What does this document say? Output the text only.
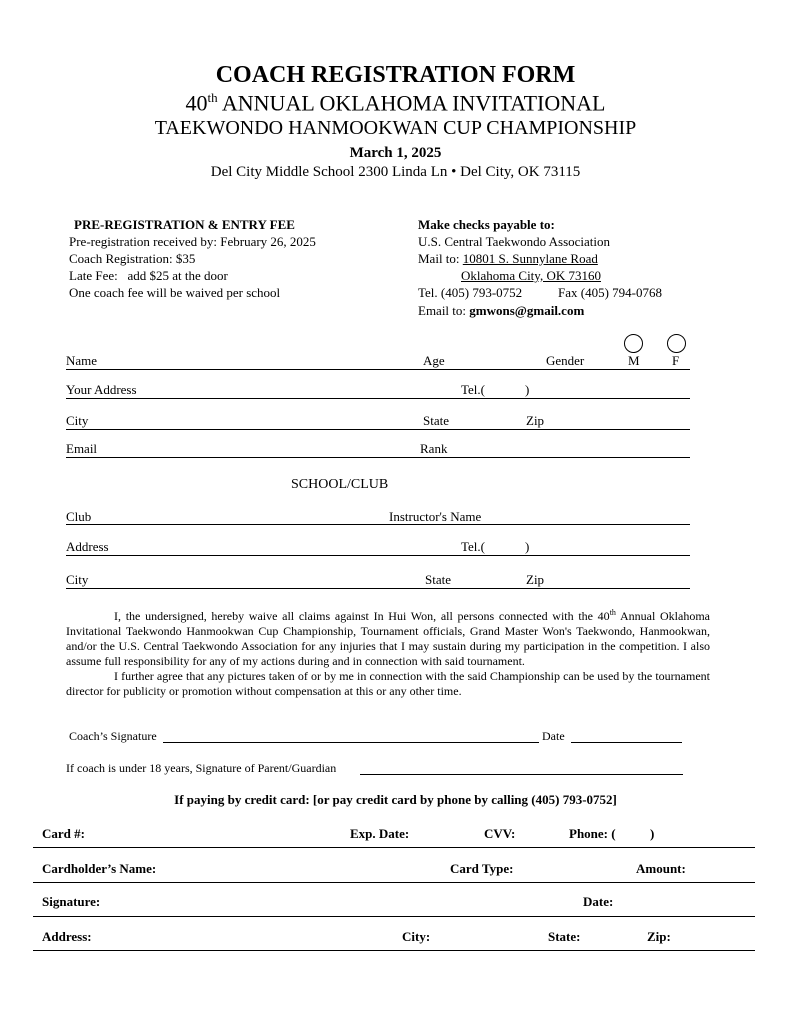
COACH REGISTRATION FORM
40th ANNUAL OKLAHOMA INVITATIONAL
TAEKWONDO HANMOOKWAN CUP CHAMPIONSHIP
March 1, 2025
Del City Middle School 2300 Linda Ln • Del City, OK 73115
PRE-REGISTRATION & ENTRY FEE
Pre-registration received by: February 26, 2025
Coach Registration: $35
Late Fee: add $25 at the door
One coach fee will be waived per school
Make checks payable to:
U.S. Central Taekwondo Association
Mail to: 10801 S. Sunnylane Road
Oklahoma City, OK 73160
Tel. (405) 793-0752	Fax (405) 794-0768
Email to: gmwons@gmail.com
Name	Age	Gender	M F
Your Address	Tel.(	)
City	State	Zip
Email	Rank
SCHOOL/CLUB
Club	Instructor's Name
Address	Tel.(	)
City	State	Zip

I, the undersigned, hereby waive all claims against In Hui Won, all persons connected with the 40th Annual Oklahoma Invitational Taekwondo Hanmookwan Cup Championship, Tournament officials, Grand Master Won's Taekwondo, Hanmookwan, and/or the U.S. Central Taekwondo Association for any injuries that I may sustain during my participation in the competition. I also assume full responsibility for any of my actions during and in connection with said tournament.

I further agree that any pictures taken of or by me in connection with the said Championship can be used by the tournament director for publicity or promotion without compensation at this or any other time.

Coach’s Signature	Date
If coach is under 18 years, Signature of Parent/Guardian
If paying by credit card: [or pay credit card by phone by calling (405) 793-0752]
Card #:	Exp. Date:	CVV:	Phone: (	)
Cardholder’s Name:	Card Type:	Amount:
Signature:	Date:
Address:	City:	State:	Zip:
